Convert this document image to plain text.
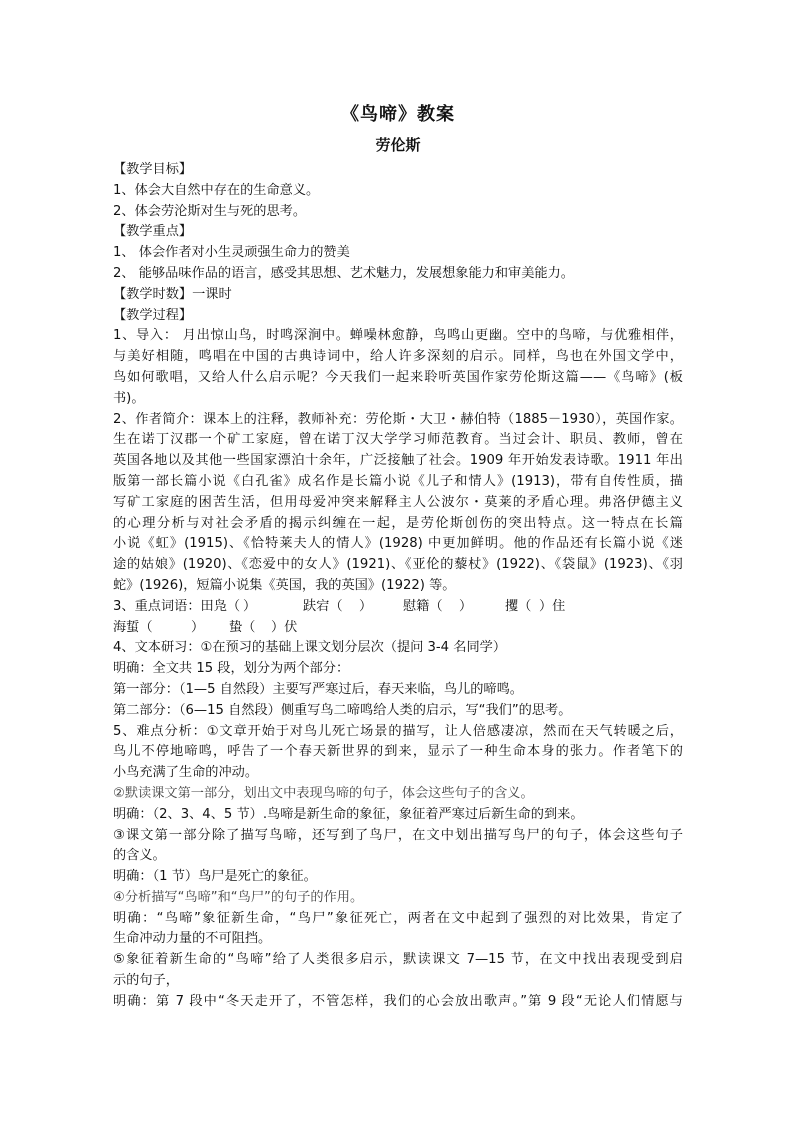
《鸟啼》教案
劳伦斯
【教学目标】
1、体会大自然中存在的生命意义。
2、体会劳沦斯对生与死的思考。
【教学重点】
1、 体会作者对小生灵顽强生命力的赞美
2、 能够品味作品的语言，感受其思想、艺术魅力，发展想象能力和审美能力。
【教学时数】一课时
【教学过程】
1、导入： 月出惊山鸟，时鸣深涧中。蝉噪林愈静，鸟鸣山更幽。空中的鸟啼，与优雅相伴，
与美好相随，鸣唱在中国的古典诗词中，给人许多深刻的启示。同样，鸟也在外国文学中，
鸟如何歌唱，又给人什么启示呢？今天我们一起来聆听英国作家劳伦斯这篇——《鸟啼》(板
书)。
2、作者简介：课本上的注释，教师补充：劳伦斯・大卫・赫伯特（1885－1930），英国作家。
生在诺丁汉郡一个矿工家庭，曾在诺丁汉大学学习师范教育。当过会计、职员、教师，曾在
英国各地以及其他一些国家漂泊十余年，广泛接触了社会。1909 年开始发表诗歌。1911 年出
版第一部长篇小说《白孔雀》成名作是长篇小说《儿子和情人》(1913)，带有自传性质，描
写矿工家庭的困苦生活，但用母爱冲突来解释主人公波尔・莫莱的矛盾心理。弗洛伊德主义
的心理分析与对社会矛盾的揭示纠缠在一起，是劳伦斯创伤的突出特点。这一特点在长篇
小说《虹》(1915)、《恰特莱夫人的情人》(1928) 中更加鲜明。他的作品还有长篇小说《迷
途的姑娘》(1920)、《恋爱中的女人》(1921)、《亚伦的藜杖》(1922)、《袋鼠》(1923)、《羽
蛇》(1926)，短篇小说集《英国，我的英国》(1922) 等。
3、重点词语：田凫（ ）	趺宕（ ） 慰籍（ ） 攫（ ）住
海蜇（	） 蛰（ ）伏
4、文本研习：①在预习的基础上课文划分层次（提问 3-4 名同学）
明确：全文共 15 段，划分为两个部分：
第一部分：（1—5 自然段）主要写严寒过后，春天来临，鸟儿的啼鸣。
第二部分：（6—15 自然段）侧重写鸟二啼鸣给人类的启示，写“我们”的思考。
5、难点分析：①文章开始于对鸟儿死亡场景的描写，让人倍感凄凉，然而在天气转暖之后，
鸟儿不停地啼鸣，呼告了一个春天新世界的到来，显示了一种生命本身的张力。作者笔下的
小鸟充满了生命的冲动。
②默读课文第一部分，划出文中表现鸟啼的句子，体会这些句子的含义。
明确：（2、3、4、5 节）.鸟啼是新生命的象征，象征着严寒过后新生命的到来。
③课文第一部分除了描写鸟啼，还写到了鸟尸，在文中划出描写鸟尸的句子，体会这些句子
的含义。
明确：（1 节）鸟尸是死亡的象征。
④分析描写“鸟啼”和“鸟尸”的句子的作用。
明确：“鸟啼”象征新生命，“鸟尸”象征死亡，两者在文中起到了强烈的对比效果，肯定了
生命冲动力量的不可阻挡。
⑤象征着新生命的“鸟啼”给了人类很多启示，默读课文 7—15 节，在文中找出表现受到启
示的句子，
明确：第 7 段中“冬天走开了，不管怎样，我们的心会放出歌声。”第 9 段“无论人们情愿与
